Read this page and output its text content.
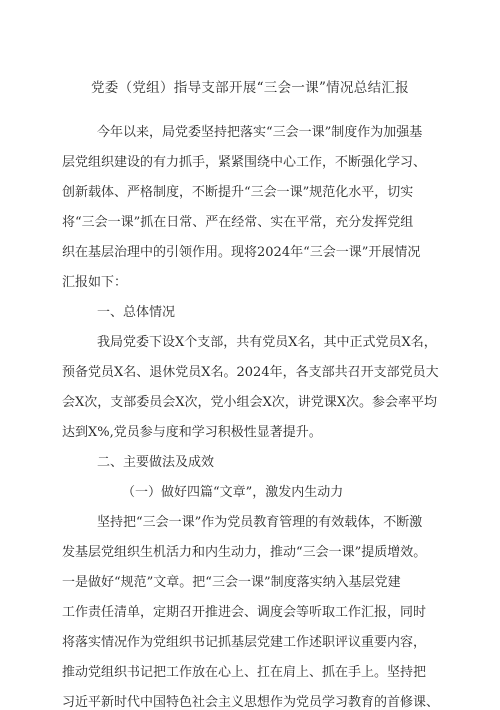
党委（党组）指导支部开展“三会一课”情况总结汇报

今年以来，局党委坚持把落实“三会一课”制度作为加强基

层党组织建设的有力抓手，紧紧围绕中心工作，不断强化学习、

创新载体、严格制度，不断提升“三会一课”规范化水平，切实

将“三会一课”抓在日常、严在经常、实在平常，充分发挥党组

织在基层治理中的引领作用。现将2024年“三会一课”开展情况

汇报如下：

一、总体情况

我局党委下设X个支部，共有党员X名，其中正式党员X名，

预备党员X名、退休党员X名。2024年，各支部共召开支部党员大

会X次，支部委员会X次，党小组会X次，讲党课X次。参会率平均

达到X%,党员参与度和学习积极性显著提升。

二、主要做法及成效

（一）做好四篇“文章”，激发内生动力

坚持把“三会一课”作为党员教育管理的有效载体，不断激

发基层党组织生机活力和内生动力，推动“三会一课”提质增效。

一是做好“规范”文章。把“三会一课”制度落实纳入基层党建

工作责任清单，定期召开推进会、调度会等听取工作汇报，同时

将落实情况作为党组织书记抓基层党建工作述职评议重要内容，

推动党组织书记把工作放在心上、扛在肩上、抓在手上。坚持把

习近平新时代中国特色社会主义思想作为党员学习教育的首修课、
